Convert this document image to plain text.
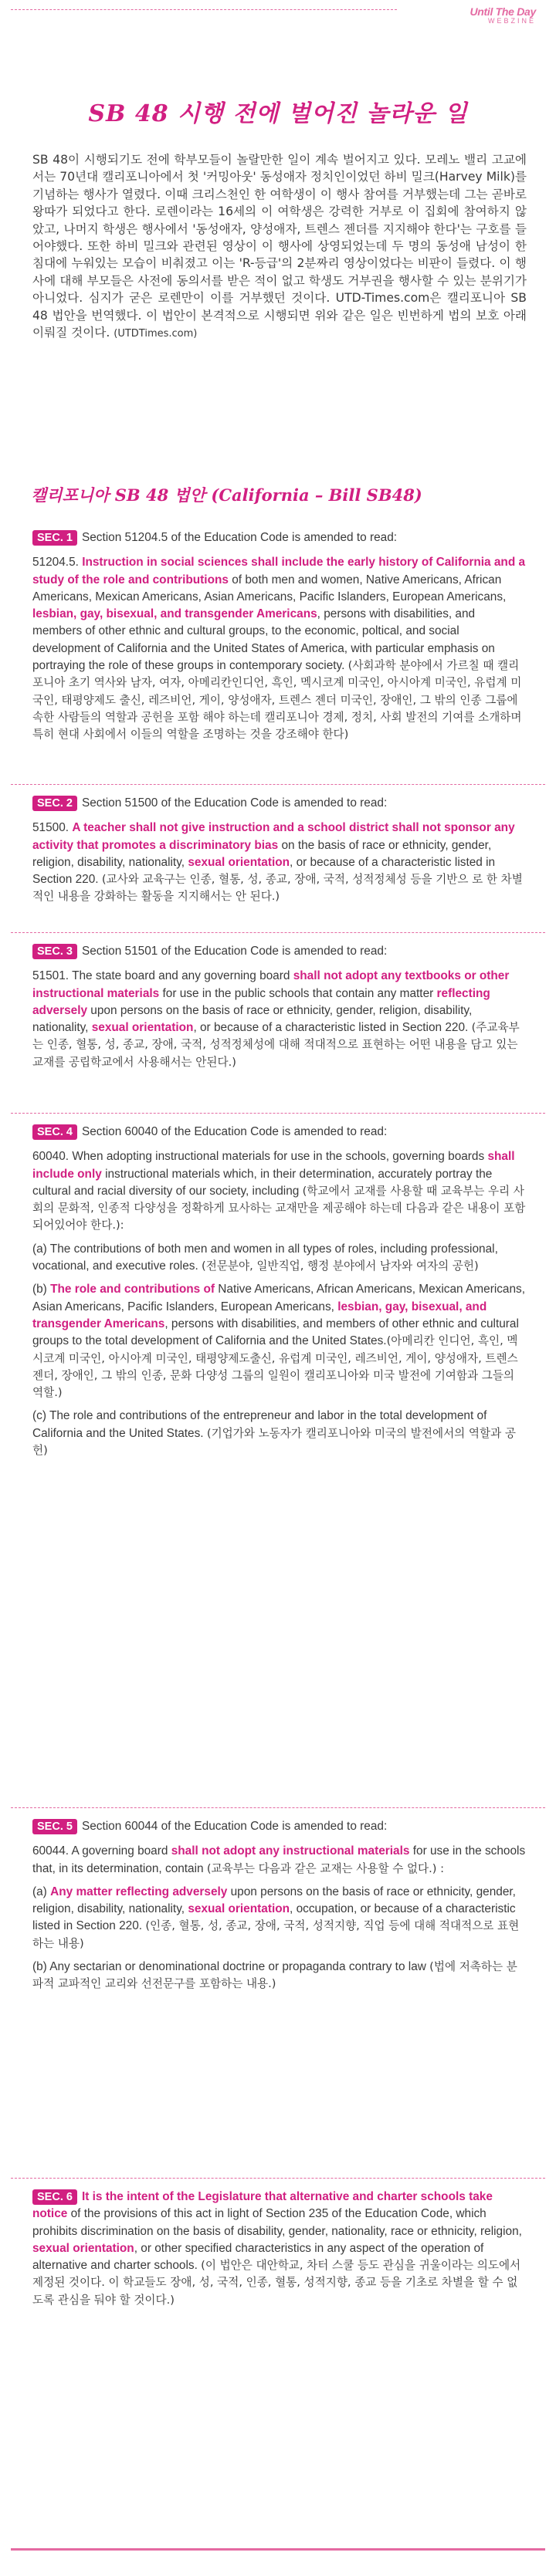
Until The Day
WEBZINE
SB 48 시행 전에 벌어진 놀라운 일
SB 48이 시행되기도 전에 학부모들이 놀랄만한 일이 계속 벌어지고 있다. 모레노 밸리 고교에서는 70년대 캘리포니아에서 첫 '커밍아웃' 동성애자 정치인이었던 하비 밀크(Harvey Milk)를 기념하는 행사가 열렸다. 이때 크리스천인 한 여학생이 이 행사 참여를 거부했는데 그는 곧바로 왕따가 되었다고 한다. 로렌이라는 16세의 이 여학생은 강력한 거부로 이 집회에 참여하지 않았고, 나머지 학생은 행사에서 '동성애자, 양성애자, 트렌스 젠더를 지지해야 한다'는 구호를 들어야했다. 또한 하비 밀크와 관련된 영상이 이 행사에 상영되었는데 두 명의 동성애 남성이 한 침대에 누워있는 모습이 비춰졌고 이는 'R-등급'의 2분짜리 영상이었다는 비판이 들렸다. 이 행사에 대해 부모들은 사전에 동의서를 받은 적이 없고 학생도 거부권을 행사할 수 있는 분위기가 아니었다. 심지가 굳은 로렌만이 이를 거부했던 것이다. UTD-Times.com은 캘리포니아 SB 48 법안을 번역했다. 이 법안이 본격적으로 시행되면 위와 같은 일은 빈번하게 법의 보호 아래 이뤄질 것이다. (UTDTimes.com)
캘리포니아 SB 48 법안 (California – Bill SB48)
SEC. 1 Section 51204.5 of the Education Code is amended to read:

51204.5. Instruction in social sciences shall include the early history of California and a study of the role and contributions of both men and women, Native Americans, African Americans, Mexican Americans, Asian Americans, Pacific Islanders, European Americans, lesbian, gay, bisexual, and transgender Americans, persons with disabilities, and members of other ethnic and cultural groups, to the economic, poltical, and social development of California and the United States of America, with particular emphasis on portraying the role of these groups in contemporary society. (사회과학 분야에서 가르칠 때 캘리포니아 초기 역사와 남자, 여자, 아메리칸인디언, 흑인, 멕시코계 미국인, 아시아계 미국인, 유럽계 미국인, 태평양제도 출신, 레즈비언, 게이, 양성애자, 트렌스 젠더 미국인, 장애인, 그 밖의 인종 그룹에 속한 사람들의 역할과 공헌을 포함 해야 하는데 캘리포니아 경제, 정치, 사회 발전의 기여를 소개하며 특히 현대 사회에서 이들의 역할을 조명하는 것을 강조해야 한다)

SEC. 2 Section 51500 of the Education Code is amended to read:

51500. A teacher shall not give instruction and a school district shall not sponsor any activity that promotes a discriminatory bias on the basis of race or ethnicity, gender, religion, disability, nationality, sexual orientation, or because of a characteristic listed in Section 220. (교사와 교육구는 인종, 혈통, 성, 종교, 장애, 국적, 성적정체성 등을 기반으 로 한 차별적인 내용을 강화하는 활동을 지지해서는 안 된다.)

SEC. 3 Section 51501 of the Education Code is amended to read:

51501. The state board and any governing board shall not adopt any textbooks or other instructional materials for use in the public schools that contain any matter reflecting adversely upon persons on the basis of race or ethnicity, gender, religion, disability, nationality, sexual orientation, or because of a characteristic listed in Section 220. (주교육부는 인종, 혈통, 성, 종교, 장애, 국적, 성적정체성에 대해 적대적으로 표현하는 어떤 내용을 담고 있는 교재를 공립학교에서 사용해서는 안된다.)

SEC. 4 Section 60040 of the Education Code is amended to read:

60040. When adopting instructional materials for use in the schools, governing boards shall include only instructional materials which, in their determination, accurately portray the cultural and racial diversity of our society, including (학교에서 교재를 사용할 때 교육부는 우리 사회의 문화적, 인종적 다양성을 정확하게 묘사하는 교재만을 제공해야 하는데 다음과 같은 내용이 포함되어있어야 한다.):

(a) The contributions of both men and women in all types of roles, including professional, vocational, and executive roles. (전문분야, 일반직업, 행정 분야에서 남자와 여자의 공헌)

(b) The role and contributions of Native Americans, African Americans, Mexican Americans, Asian Americans, Pacific Islanders, European Americans, lesbian, gay, bisexual, and transgender Americans, persons with disabilities, and members of other ethnic and cultural groups to the total development of California and the United States.(아메리칸 인디언, 흑인, 멕시코계 미국인, 아시아계 미국인, 태평양제도출신, 유럽계 미국인, 레즈비언, 게이, 양성애자, 트렌스젠더, 장애인, 그 밖의 인종, 문화 다양성 그룹의 일원이 캘리포니아와 미국 발전에 기여함과 그들의 역할.)

(c) The role and contributions of the entrepreneur and labor in the total development of California and the United States. (기업가와 노동자가 캘리포니아와 미국의 발전에서의 역할과 공헌)

SEC. 5 Section 60044 of the Education Code is amended to read:

60044. A governing board shall not adopt any instructional materials for use in the schools that, in its determination, contain (교육부는 다음과 같은 교재는 사용할 수 없다.) :

(a) Any matter reflecting adversely upon persons on the basis of race or ethnicity, gender, religion, disability, nationality, sexual orientation, occupation, or because of a characteristic listed in Section 220. (인종, 혈통, 성, 종교, 장애, 국적, 성적지향, 직업 등에 대해 적대적으로 표현하는 내용)

(b) Any sectarian or denominational doctrine or propaganda contrary to law (법에 저촉하는 분파적 교파적인 교리와 선전문구를 포함하는 내용.)

SEC. 6 It is the intent of the Legislature that alternative and charter schools take notice of the provisions of this act in light of Section 235 of the Education Code, which prohibits discrimination on the basis of disability, gender, nationality, race or ethnicity, religion, sexual orientation, or other specified characteristics in any aspect of the operation of alternative and charter schools. (이 법안은 대안학교, 차터 스쿨 등도 관심을 귀울이라는 의도에서 제정된 것이다. 이 학교들도 장애, 성, 국적, 인종, 혈통, 성적지향, 종교 등을 기초로 차별을 할 수 없도록 관심을 둬야 할 것이다.)
